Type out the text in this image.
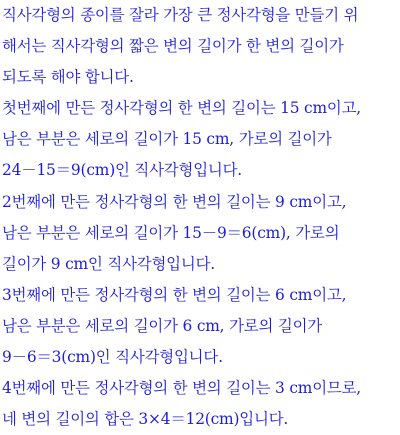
직사각형의 종이를 잘라 가장 큰 정사각형을 만들기 위 해서는 직사각형의 짧은 변의 길이가 한 변의 길이가 되도록 해야 합니다. 첫번째에 만든 정사각형의 한 변의 길이는 15 cm이고, 남은 부분은 세로의 길이가 15 cm, 가로의 길이가 24－15＝9(cm)인 직사각형입니다. 2번째에 만든 정사각형의 한 변의 길이는 9 cm이고, 남은 부분은 세로의 길이가 15－9＝6(cm), 가로의 길이가 9 cm인 직사각형입니다. 3번째에 만든 정사각형의 한 변의 길이는 6 cm이고, 남은 부분은 세로의 길이가 6 cm, 가로의 길이가 9－6＝3(cm)인 직사각형입니다. 4번째에 만든 정사각형의 한 변의 길이는 3 cm이므로, 네 변의 길이의 합은 3×4＝12(cm)입니다.
